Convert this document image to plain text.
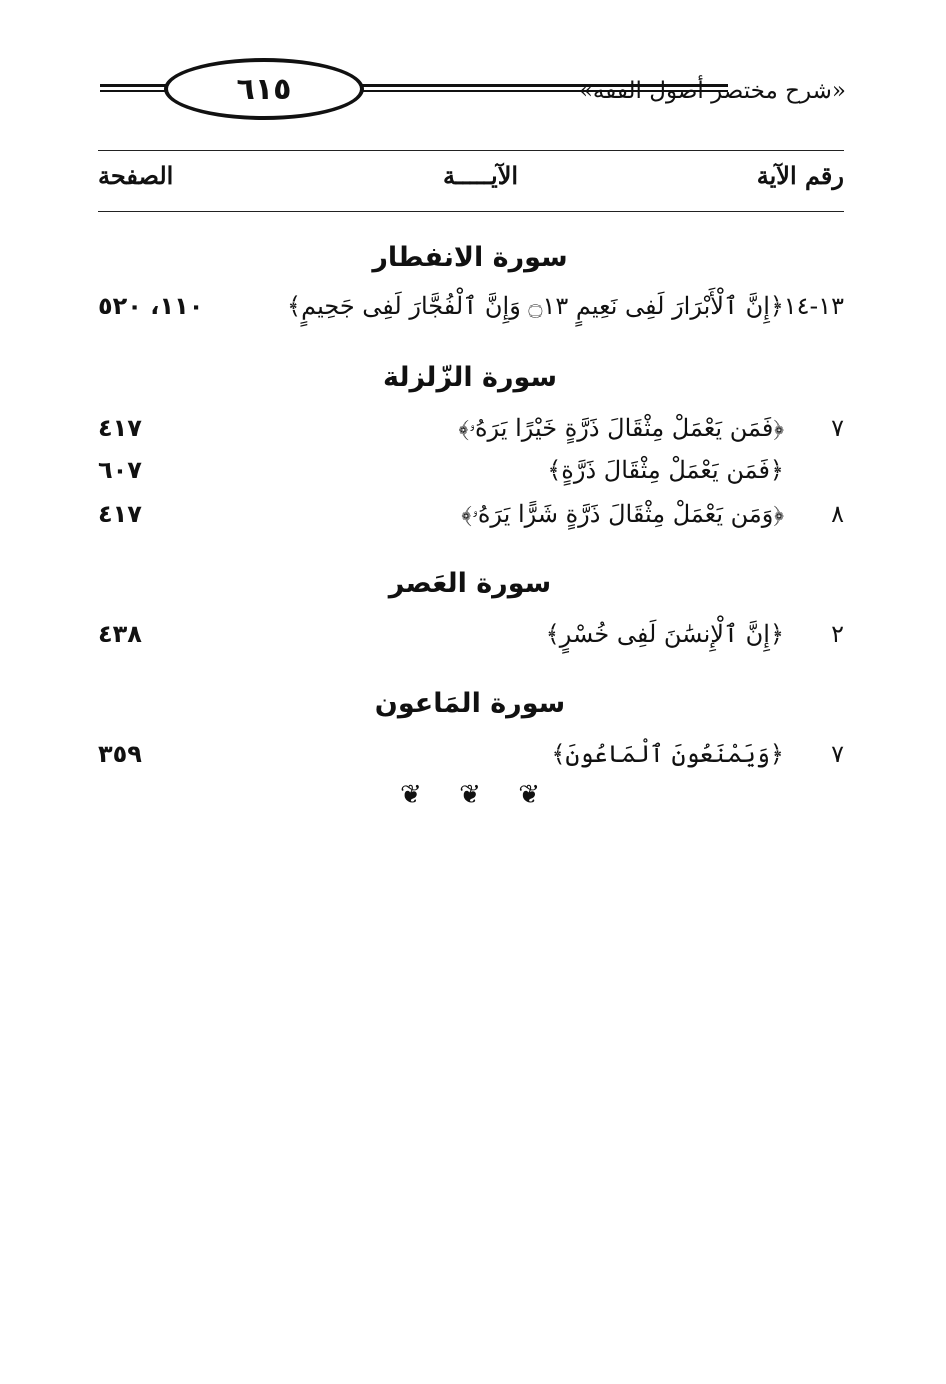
٦١٥	«شرح مختصر أصول الفقه»
رقم الآية
الآيـــــة
الصفحة
سورة الانفطار
١٣-١٤
﴿إِنَّ ٱلْأَبْرَارَ لَفِى نَعِيمٍ ۝١٣ وَإِنَّ ٱلْفُجَّارَ لَفِى جَحِيمٍ﴾
١١٠، ٥٢٠
سورة الزّلزلة
٧
﴿فَمَن يَعْمَلْ مِثْقَالَ ذَرَّةٍ خَيْرًا يَرَهُۥ﴾
٤١٧
﴿فَمَن يَعْمَلْ مِثْقَالَ ذَرَّةٍ﴾
٦٠٧
٨
﴿وَمَن يَعْمَلْ مِثْقَالَ ذَرَّةٍ شَرًّا يَرَهُۥ﴾
٤١٧
سورة العَصر
٢
﴿إِنَّ ٱلْإِنسَٰنَ لَفِى خُسْرٍ﴾
٤٣٨
سورة المَاعون
٧
﴿وَيَمْنَعُونَ ٱلْمَاعُونَ﴾
٣٥٩
❦ ❦ ❦
